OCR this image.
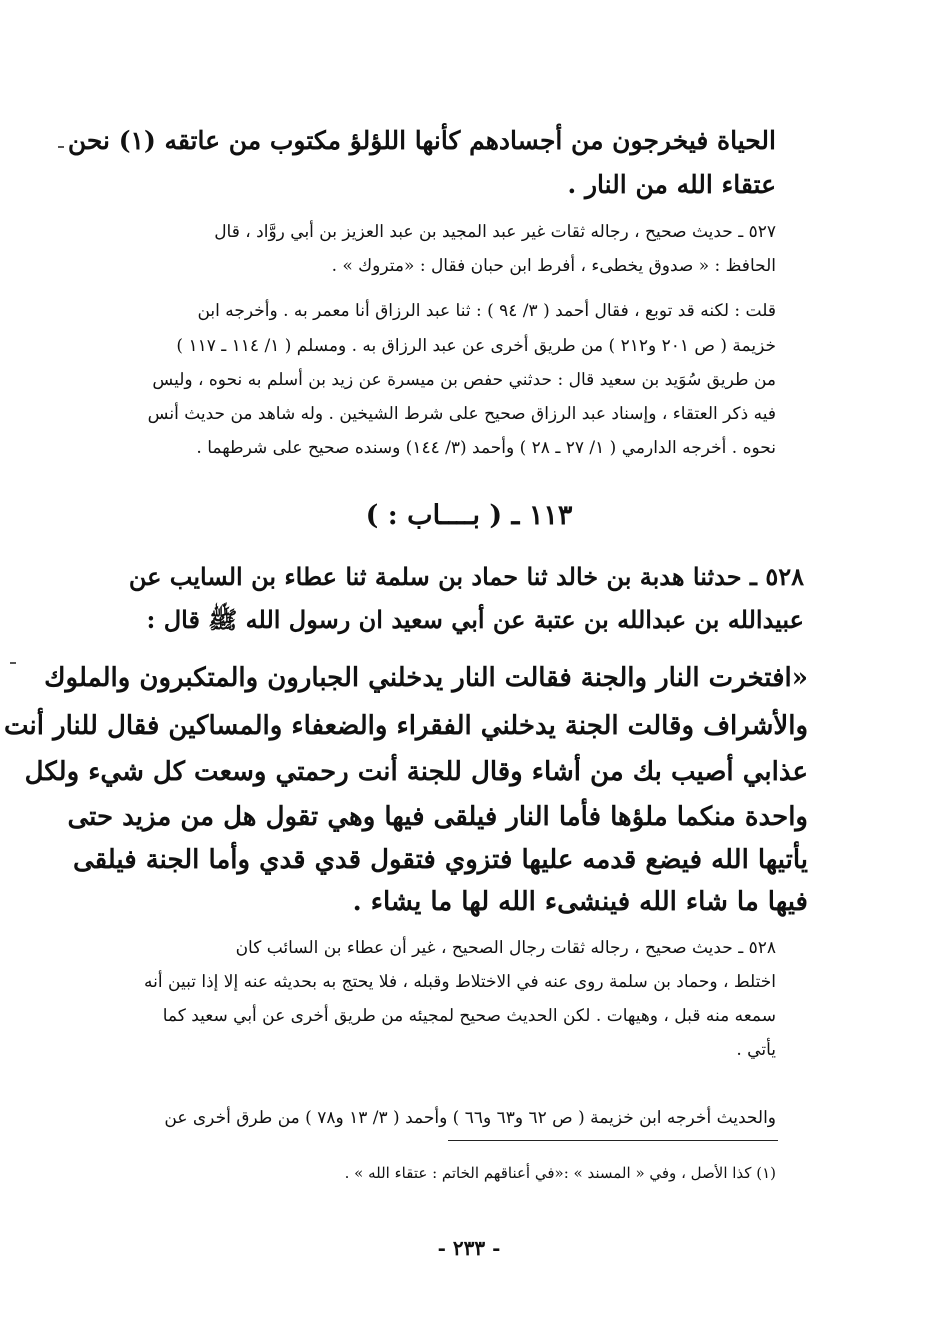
الحياة فيخرجون من أجسادهم كأنها اللؤلؤ مكتوب من عاتقه (١) نحن

عتقاء الله من النار .

٥٢٧ ـ حديث صحيح ، رجاله ثقات غير عبد المجيد بن عبد العزيز بن أبي روَّاد ، قال

الحافظ : « صدوق يخطىء ، أفرط ابن حبان فقال : «متروك » .

قلت : لكنه قد توبع ، فقال أحمد ( ٣/ ٩٤ ) : ثنا عبد الرزاق أنا معمر به . وأخرجه ابن

خزيمة ( ص ٢٠١ و٢١٢ ) من طريق أخرى عن عبد الرزاق به . ومسلم ( ١/ ١١٤ ـ ١١٧ )

من طريق سُوَيد بن سعيد قال : حدثني حفص بن ميسرة عن زيد بن أسلم به نحوه ، وليس

فيه ذكر العتقاء ، وإسناد عبد الرزاق صحيح على شرط الشيخين . وله شاهد من حديث أنس

نحوه . أخرجه الدارمي ( ١/ ٢٧ ـ ٢٨ ) وأحمد (٣/ ١٤٤) وسنده صحيح على شرطهما .

١١٣ ـ ( بــــاب : )

٥٢٨ ـ حدثنا هدبة بن خالد ثنا حماد بن سلمة ثنا عطاء بن السايب عن

عبيدالله بن عبدالله بن عتبة عن أبي سعيد ان رسول الله ﷺ قال :

«افتخرت النار والجنة فقالت النار يدخلني الجبارون والمتكبرون والملوك

والأشراف وقالت الجنة يدخلني الفقراء والضعفاء والمساكين فقال للنار أنت

عذابي أصيب بك من أشاء وقال للجنة أنت رحمتي وسعت كل شيء ولكل

واحدة منكما ملؤها فأما النار فيلقى فيها وهي تقول هل من مزيد حتى

يأتيها الله فيضع قدمه عليها فتزوي فتقول قدي قدي وأما الجنة فيلقى

فيها ما شاء الله فينشىء الله لها ما يشاء .

٥٢٨ ـ حديث صحيح ، رجاله ثقات رجال الصحيح ، غير أن عطاء بن السائب كان

اختلط ، وحماد بن سلمة روى عنه في الاختلاط وقبله ، فلا يحتج به بحديثه عنه إلا إذا تبين أنه

سمعه منه قبل ، وهيهات . لكن الحديث صحيح لمجيئه من طريق أخرى عن أبي سعيد كما

يأتي .

والحديث أخرجه ابن خزيمة ( ص ٦٢ و٦٣ و٦٦ ) وأحمد ( ٣/ ١٣ و٧٨ ) من طرق أخرى عن

(١) كذا الأصل ، وفي « المسند » :«في أعناقهم الخاتم : عتقاء الله » .

- ٢٣٣ -
